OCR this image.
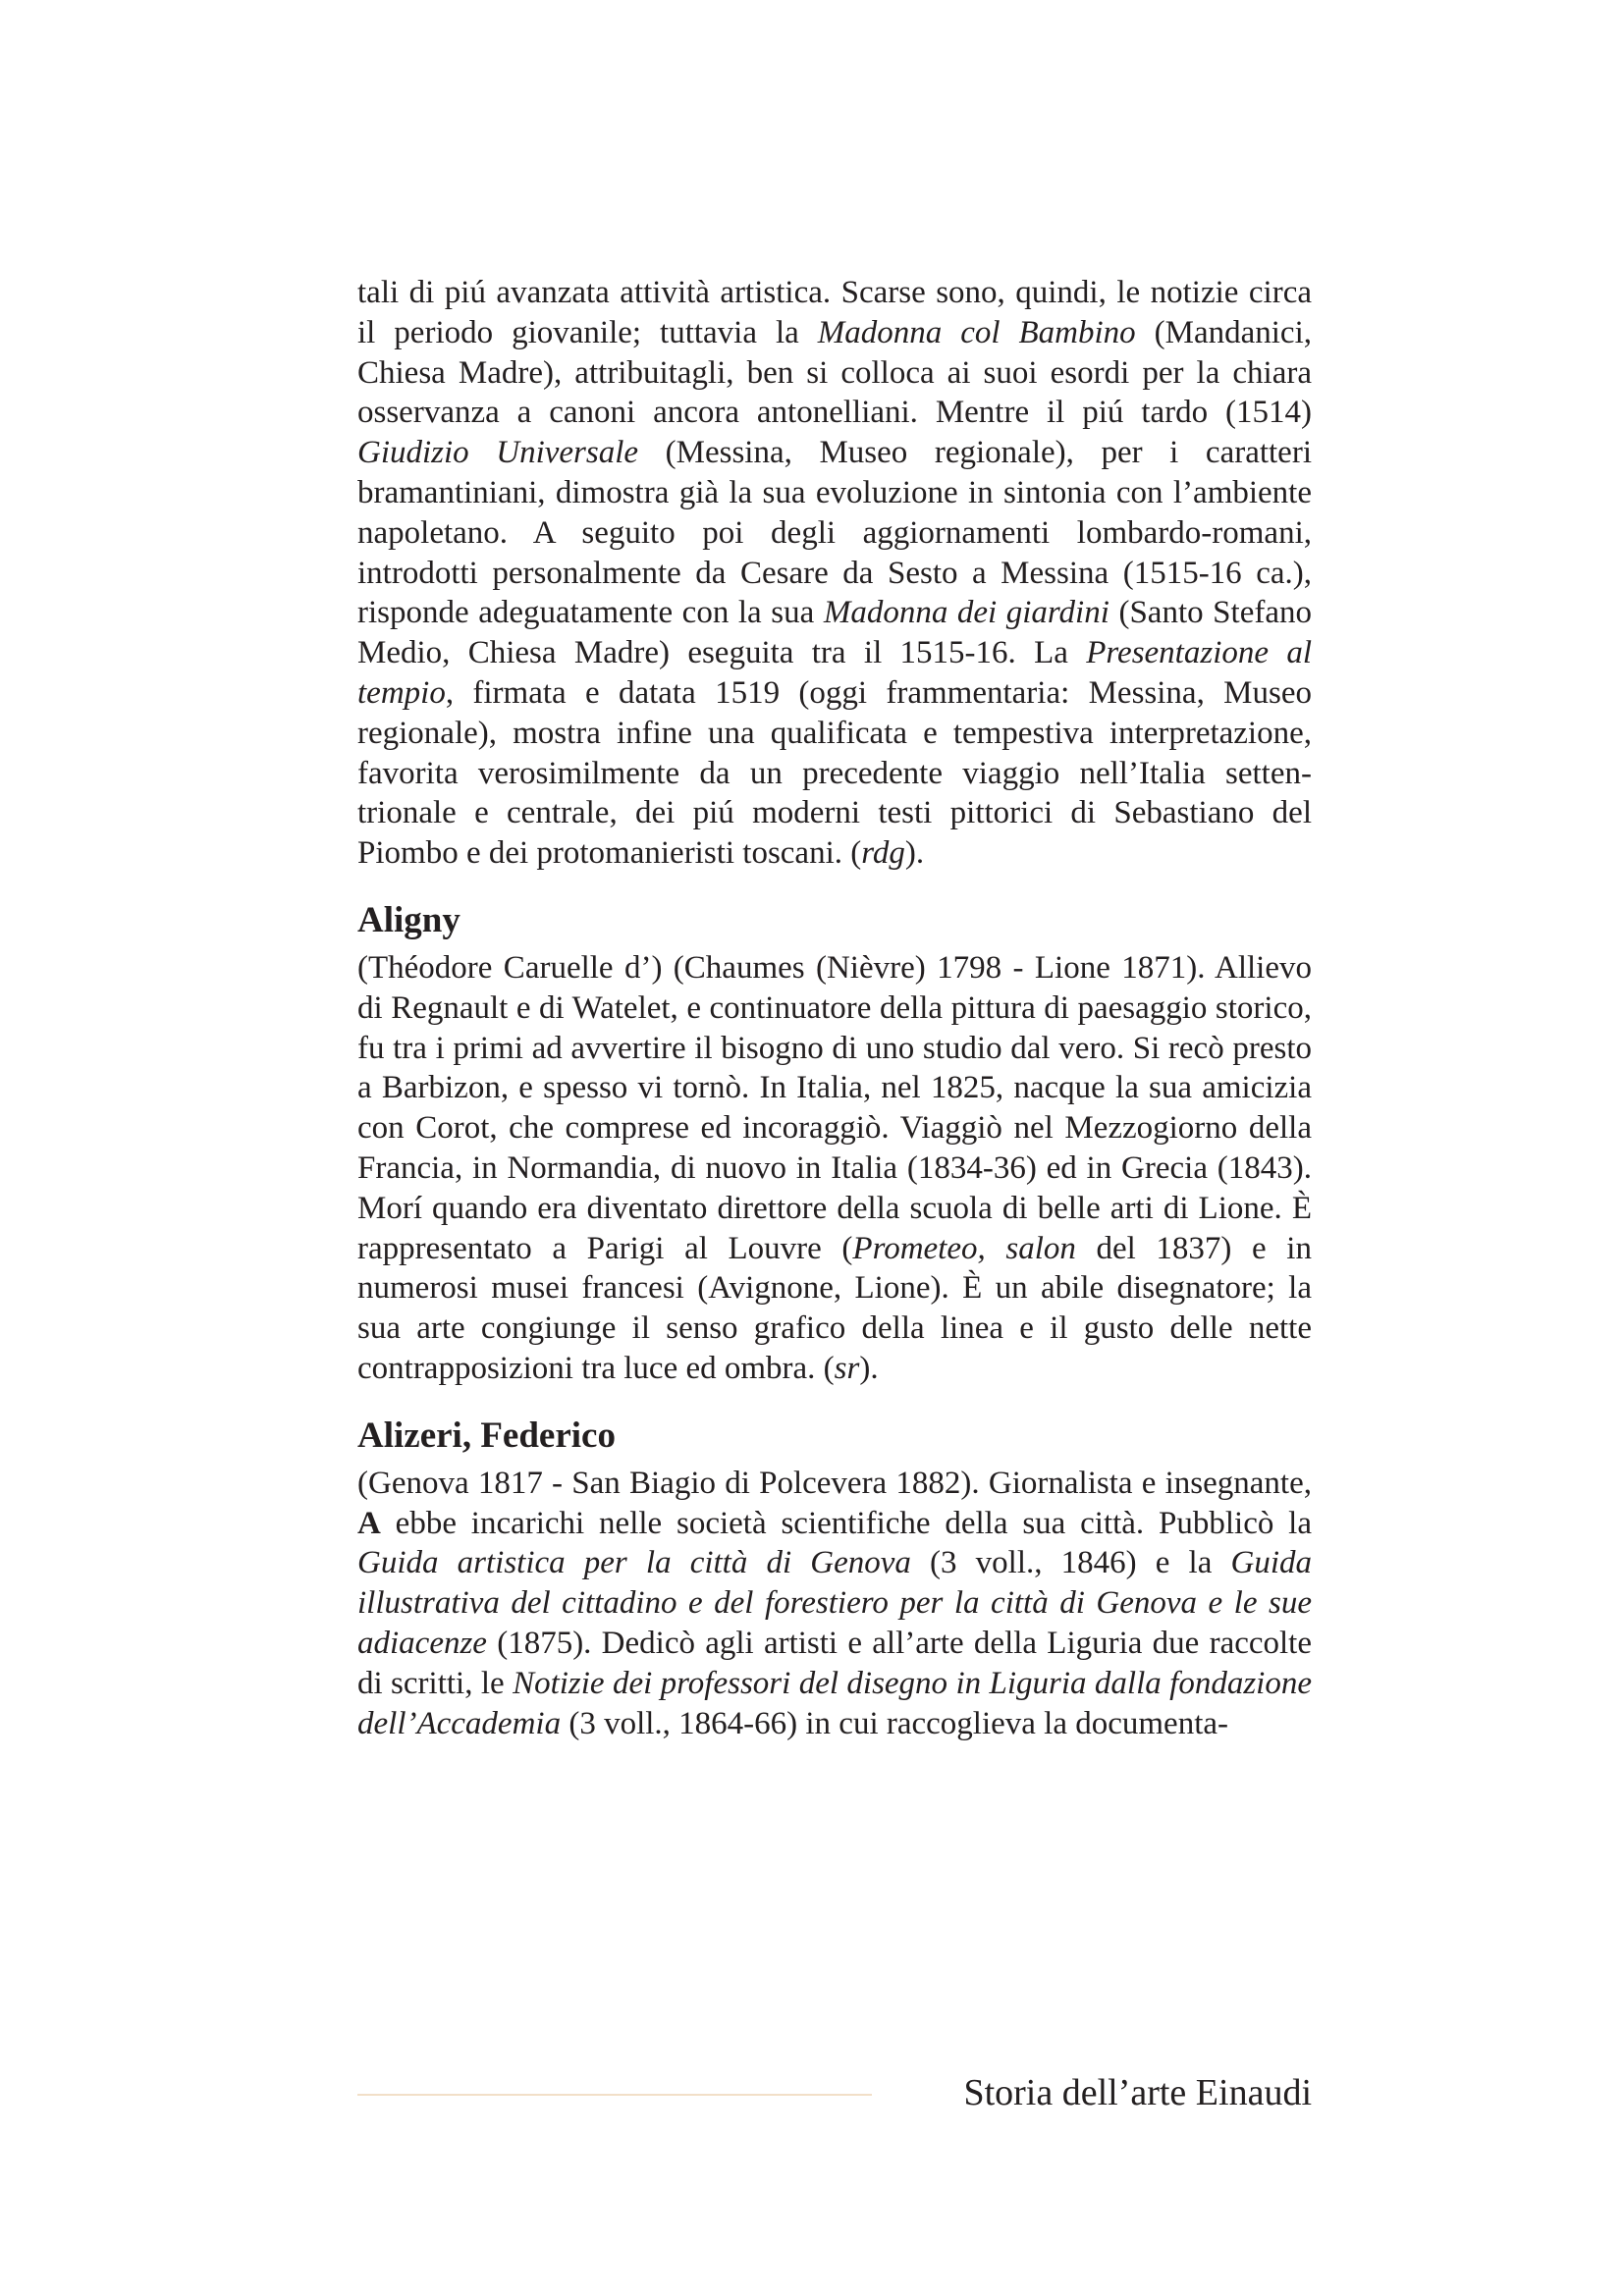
tali di piú avanzata attività artistica. Scarse sono, quindi, le notizie circa il periodo giovanile; tuttavia la Madonna col Bambino (Mandanici, Chiesa Madre), attribuitagli, ben si colloca ai suoi esordi per la chiara osservanza a canoni ancora antonelliani. Mentre il piú tardo (1514) Giudizio Universale (Messina, Museo regionale), per i caratteri bramantiniani, dimostra già la sua evoluzione in sintonia con l’ambiente napoletano. A seguito poi degli aggiornamenti lombardo-romani, introdotti personalmente da Cesare da Sesto a Messina (1515-16 ca.), risponde adeguatamente con la sua Madonna dei giardini (Santo Stefano Medio, Chiesa Madre) eseguita tra il 1515-16. La Presentazione al tempio, firmata e datata 1519 (oggi frammentaria: Messina, Museo regionale), mostra infine una qualificata e tempestiva interpretazione, favorita verosimilmente da un precedente viaggio nell’Italia settentrionale e centrale, dei piú moderni testi pittorici di Sebastiano del Piombo e dei protomanieristi toscani. (rdg).

Aligny

(Théodore Caruelle d’) (Chaumes (Nièvre) 1798 - Lione 1871). Allievo di Regnault e di Watelet, e continuatore della pittura di paesaggio storico, fu tra i primi ad avvertire il bisogno di uno studio dal vero. Si recò presto a Barbizon, e spesso vi tornò. In Italia, nel 1825, nacque la sua amicizia con Corot, che comprese ed incoraggiò. Viaggiò nel Mezzogiorno della Francia, in Normandia, di nuovo in Italia (1834-36) ed in Grecia (1843). Morí quando era diventato direttore della scuola di belle arti di Lione. È rappresentato a Parigi al Louvre (Prometeo, salon del 1837) e in numerosi musei francesi (Avignone, Lione). È un abile disegnatore; la sua arte congiunge il senso grafico della linea e il gusto delle nette contrapposizioni tra luce ed ombra. (sr).

Alizeri, Federico

(Genova 1817 - San Biagio di Polcevera 1882). Giornalista e insegnante, A ebbe incarichi nelle società scientifiche della sua città. Pubblicò la Guida artistica per la città di Genova (3 voll., 1846) e la Guida illustrativa del cittadino e del forestiero per la città di Genova e le sue adiacenze (1875). Dedicò agli artisti e all’arte della Liguria due raccolte di scritti, le Notizie dei professori del disegno in Liguria dalla fondazione dell’Accademia (3 voll., 1864-66) in cui raccoglieva la documenta-

Storia dell’arte Einaudi
